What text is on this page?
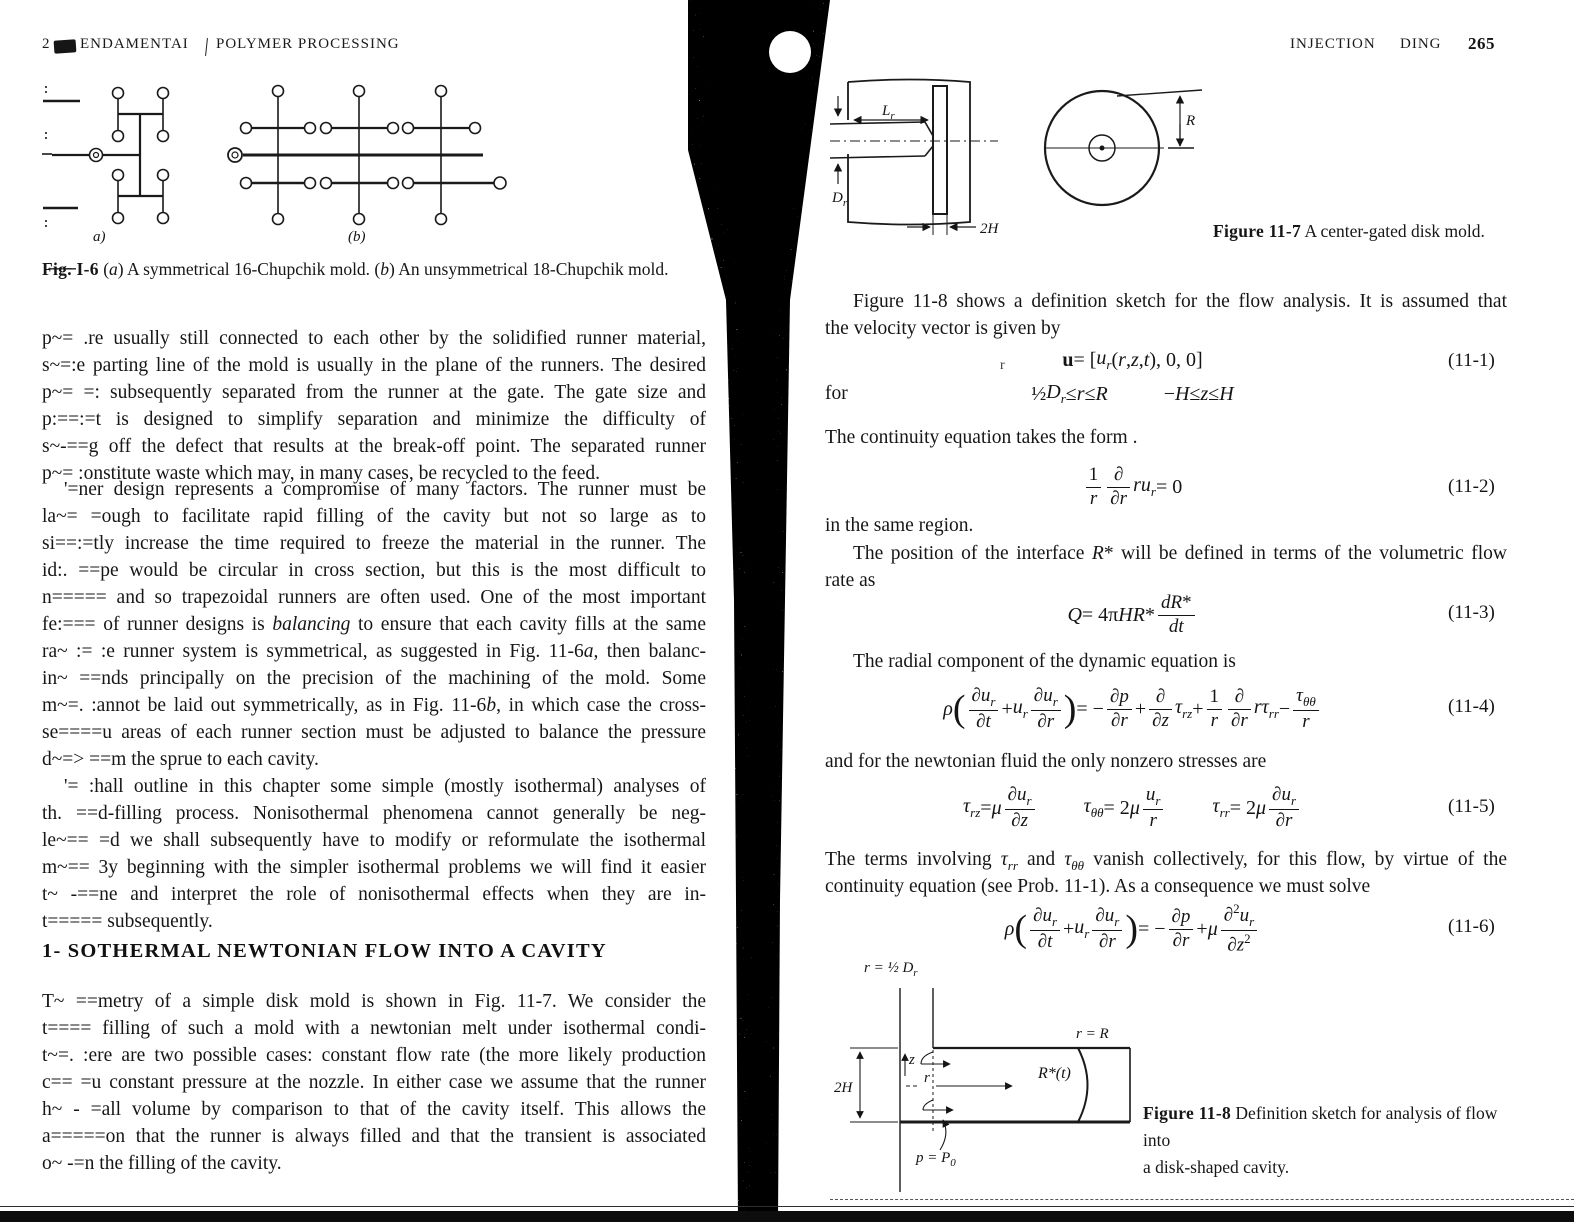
2 ENDAMENTAI POLYMER PROCESSING
a)	(b)
F̶i̶g̶.̶ I-6 (a) A symmetrical 16-Chupchik mold. (b) An unsymmetrical 18-Chupchik mold.
p~= .re usually still connected to each other by the solidified runner material,
s~=:e parting line of the mold is usually in the plane of the runners. The desired
p~= =: subsequently separated from the runner at the gate. The gate size and
p:==:=t is designed to simplify separation and minimize the difficulty of
s~-==g off the defect that results at the break-off point. The separated runner
p~= :onstitute waste which may, in many cases, be recycled to the feed.
'=ner design represents a compromise of many factors. The runner must be
la~= =ough to facilitate rapid filling of the cavity but not so large as to
si==:=tly increase the time required to freeze the material in the runner. The
id:. ==pe would be circular in cross section, but this is the most difficult to
n===== and so trapezoidal runners are often used. One of the most important
fe:=== of runner designs is balancing to ensure that each cavity fills at the same
ra~ := :e runner system is symmetrical, as suggested in Fig. 11-6a, then balanc-
in~ ==nds principally on the precision of the machining of the mold. Some
m~=. :annot be laid out symmetrically, as in Fig. 11-6b, in which case the cross-
se====u areas of each runner section must be adjusted to balance the pressure
d~=> ==m the sprue to each cavity.
'= :hall outline in this chapter some simple (mostly isothermal) analyses of
th. ==d-filling process. Nonisothermal phenomena cannot generally be neg-
le~== =d we shall subsequently have to modify or reformulate the isothermal
m~== 3y beginning with the simpler isothermal problems we will find it easier
t~ -==ne and interpret the role of nonisothermal effects when they are in-
t===== subsequently.
1- SOTHERMAL NEWTONIAN FLOW INTO A CAVITY
T~ ==metry of a simple disk mold is shown in Fig. 11-7. We consider the
t==== filling of such a mold with a newtonian melt under isothermal condi-
t~=. :ere are two possible cases: constant flow rate (the more likely production
c== =u constant pressure at the nozzle. In either case we assume that the runner
h~ - =all volume by comparison to that of the cavity itself. This allows the
a=====on that the runner is always filled and that the transient is associated
o~ -=n the filling of the cavity.
INJECTION DING 265
$L_r$
$D_r$
2H
R
Figure 11-7 A center-gated disk mold.
Figure 11-8 shows a definition sketch for the flow analysis. It is assumed that
the velocity vector is given by
r	u = [ $u_r$ ( r , z , t ), 0, 0]	(11-1)
for	½ $D_r \le r \le R$	− H ≤ z ≤ H
The continuity equation takes the form .
1
r
∂
∂r
$ru_r = 0$	(11-2)
in the same region.
The position of the interface R* will be defined in terms of the volumetric flow
rate as
Q = 4π HR *
dR*
dt
(11-3)
The radial component of the dynamic equation is
ρ ( $\partial u_r$
∂t
+ $u_r$
$\partial u_r$
∂r ) = −
∂p
∂r
+
∂
∂z
$\tau_{rz}$ +
1
r
∂
∂r
$r\tau_{rr}$ −
$\tau_{\theta\theta}$
r
(11-4)
and for the newtonian fluid the only nonzero stresses are
$\tau_{rz} = \mu$
$\partial u_r$
∂z
$\tau_{\theta\theta} = 2$ μ
$u_r$
r
$\tau_{rr} = 2$ μ
$\partial u_r$
∂r
(11-5)
The terms involving $\tau_{rr}$ and $\tau_{\theta\theta}$ vanish collectively, for this flow, by virtue of the
continuity equation (see Prob. 11-1). As a consequence we must solve
ρ ( $\partial u_r$
∂t
+ $u_r$
$\partial u_r$
∂r ) = −
∂p
∂r
+ μ
$\partial^2u_r$
$\partial z^2$
(11-6)
r = ½ $D_r$
z
r
r = R
R*(t)
2H
$p = P_0$
Figure 11-8 Definition sketch for analysis of flow into
a disk-shaped cavity.
